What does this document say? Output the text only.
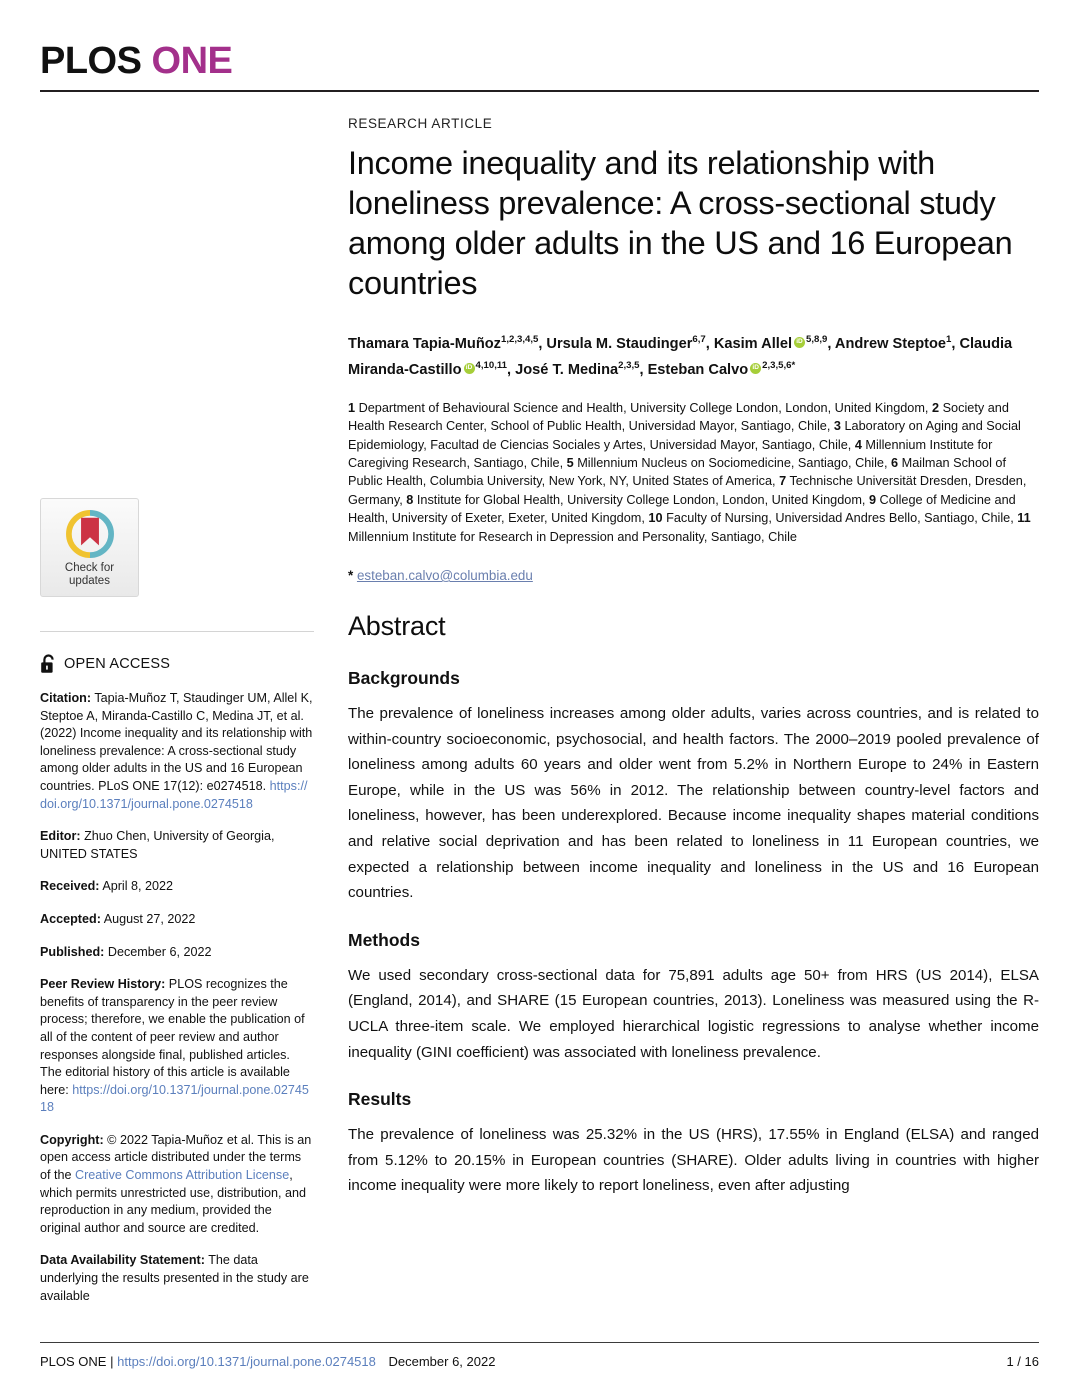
PLOS ONE
Check for
updates
OPEN ACCESS
Citation: Tapia-Muñoz T, Staudinger UM, Allel K, Steptoe A, Miranda-Castillo C, Medina JT, et al. (2022) Income inequality and its relationship with loneliness prevalence: A cross-sectional study among older adults in the US and 16 European countries. PLoS ONE 17(12): e0274518. https://doi.org/10.1371/journal.pone.0274518
Editor: Zhuo Chen, University of Georgia, UNITED STATES
Received: April 8, 2022
Accepted: August 27, 2022
Published: December 6, 2022
Peer Review History: PLOS recognizes the benefits of transparency in the peer review process; therefore, we enable the publication of all of the content of peer review and author responses alongside final, published articles. The editorial history of this article is available here: https://doi.org/10.1371/journal.pone.0274518
Copyright: © 2022 Tapia-Muñoz et al. This is an open access article distributed under the terms of the Creative Commons Attribution License, which permits unrestricted use, distribution, and reproduction in any medium, provided the original author and source are credited.
Data Availability Statement: The data underlying the results presented in the study are available
RESEARCH ARTICLE
Income inequality and its relationship with loneliness prevalence: A cross-sectional study among older adults in the US and 16 European countries
Thamara Tapia-Muñoz$^{1,2,3,4,5}$, Ursula M. Staudinger$^{6,7}$, Kasim Allel iD $^{5,8,9}$, Andrew Steptoe$^1$, Claudia Miranda-Castillo iD $^{4,10,11}$, José T. Medina$^{2,3,5}$, Esteban Calvo iD $^{2,3,5,6*}$
1 Department of Behavioural Science and Health, University College London, London, United Kingdom, 2 Society and Health Research Center, School of Public Health, Universidad Mayor, Santiago, Chile, 3 Laboratory on Aging and Social Epidemiology, Facultad de Ciencias Sociales y Artes, Universidad Mayor, Santiago, Chile, 4 Millennium Institute for Caregiving Research, Santiago, Chile, 5 Millennium Nucleus on Sociomedicine, Santiago, Chile, 6 Mailman School of Public Health, Columbia University, New York, NY, United States of America, 7 Technische Universität Dresden, Dresden, Germany, 8 Institute for Global Health, University College London, London, United Kingdom, 9 College of Medicine and Health, University of Exeter, Exeter, United Kingdom, 10 Faculty of Nursing, Universidad Andres Bello, Santiago, Chile, 11 Millennium Institute for Research in Depression and Personality, Santiago, Chile
* esteban.calvo@columbia.edu
Abstract
Backgrounds

The prevalence of loneliness increases among older adults, varies across countries, and is related to within-country socioeconomic, psychosocial, and health factors. The 2000–2019 pooled prevalence of loneliness among adults 60 years and older went from 5.2% in Northern Europe to 24% in Eastern Europe, while in the US was 56% in 2012. The relationship between country-level factors and loneliness, however, has been underexplored. Because income inequality shapes material conditions and relative social deprivation and has been related to loneliness in 11 European countries, we expected a relationship between income inequality and loneliness in the US and 16 European countries.

Methods

We used secondary cross-sectional data for 75,891 adults age 50+ from HRS (US 2014), ELSA (England, 2014), and SHARE (15 European countries, 2013). Loneliness was measured using the R-UCLA three-item scale. We employed hierarchical logistic regressions to analyse whether income inequality (GINI coefficient) was associated with loneliness prevalence.

Results

The prevalence of loneliness was 25.32% in the US (HRS), 17.55% in England (ELSA) and ranged from 5.12% to 20.15% in European countries (SHARE). Older adults living in countries with higher income inequality were more likely to report loneliness, even after adjusting

PLOS ONE | https://doi.org/10.1371/journal.pone.0274518 December 6, 2022	1 / 16
